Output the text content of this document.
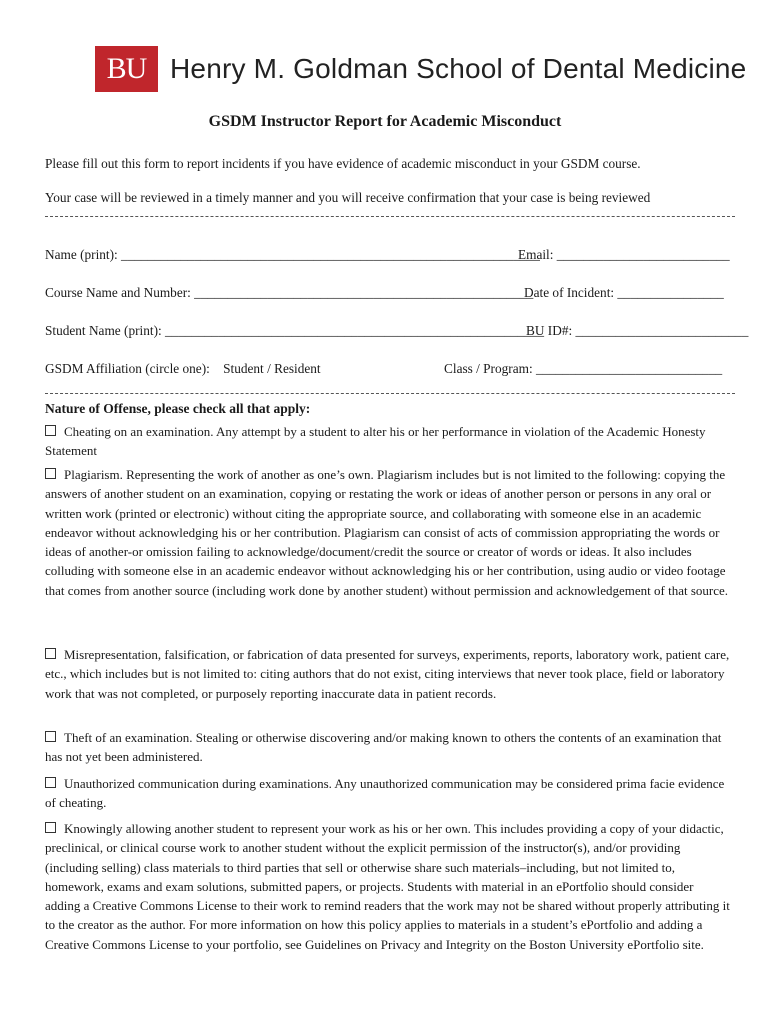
BU Henry M. Goldman School of Dental Medicine
GSDM Instructor Report for Academic Misconduct
Please fill out this form to report incidents if you have evidence of academic misconduct in your GSDM course.
Your case will be reviewed in a timely manner and you will receive confirmation that your case is being reviewed
Name (print): _______________________________________________________________
Email: __________________________
Course Name and Number: ___________________________________________________
Date of Incident: ________________
Student Name (print): _________________________________________________________
BU ID#: __________________________
GSDM Affiliation (circle one):    Student / Resident	Class / Program: ____________________________
Nature of Offense, please check all that apply:
Cheating on an examination. Any attempt by a student to alter his or her performance in violation of the Academic Honesty Statement
Plagiarism. Representing the work of another as one’s own. Plagiarism includes but is not limited to the following: copying the answers of another student on an examination, copying or restating the work or ideas of another person or persons in any oral or written work (printed or electronic) without citing the appropriate source, and collaborating with someone else in an academic endeavor without acknowledging his or her contribution. Plagiarism can consist of acts of commission appropriating the words or ideas of another-or omission failing to acknowledge/document/credit the source or creator of words or ideas. It also includes colluding with someone else in an academic endeavor without acknowledging his or her contribution, using audio or video footage that comes from another source (including work done by another student) without permission and acknowledgement of that source.
Misrepresentation, falsification, or fabrication of data presented for surveys, experiments, reports, laboratory work, patient care, etc., which includes but is not limited to: citing authors that do not exist, citing interviews that never took place, field or laboratory work that was not completed, or purposely reporting inaccurate data in patient records.
Theft of an examination. Stealing or otherwise discovering and/or making known to others the contents of an examination that has not yet been administered.
Unauthorized communication during examinations. Any unauthorized communication may be considered prima facie evidence of cheating.
Knowingly allowing another student to represent your work as his or her own. This includes providing a copy of your didactic, preclinical, or clinical course work to another student without the explicit permission of the instructor(s), and/or providing (including selling) class materials to third parties that sell or otherwise share such materials–including, but not limited to, homework, exams and exam solutions, submitted papers, or projects. Students with material in an ePortfolio should consider adding a Creative Commons License to their work to remind readers that the work may not be shared without properly attributing it to the creator as the author. For more information on how this policy applies to materials in a student’s ePortfolio and adding a Creative Commons License to your portfolio, see Guidelines on Privacy and Integrity on the Boston University ePortfolio site.
